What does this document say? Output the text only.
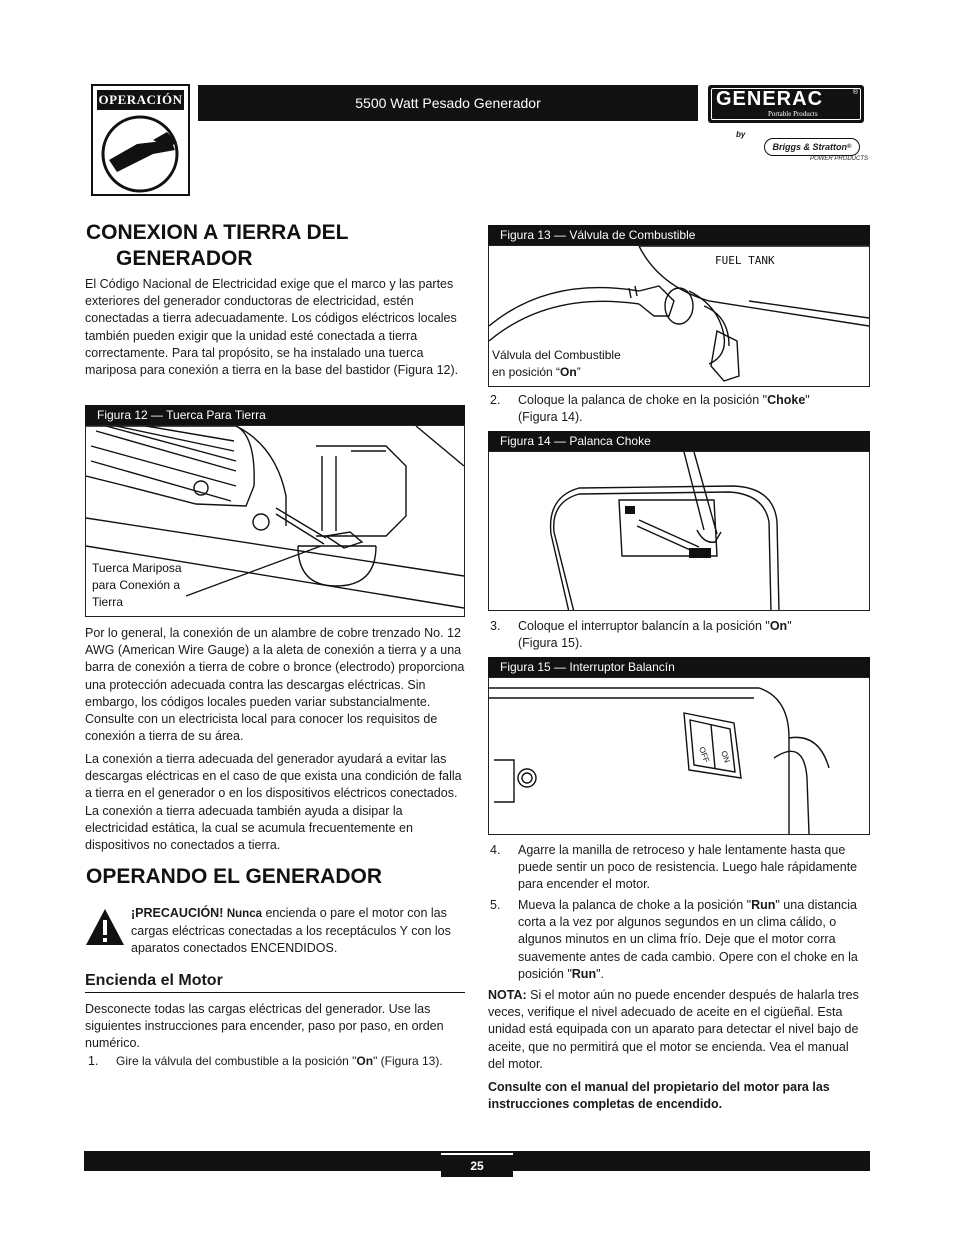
OPERACIÓN	5500 Watt Pesado Generador	GENERAC	®
Portable Products
by
Briggs & Stratton ®
POWER PRODUCTS
CONEXION A TIERRA DEL
GENERADOR
El Código Nacional de Electricidad exige que el marco y las partes exteriores del generador conductoras de electricidad, estén conectadas a tierra adecuadamente. Los códigos eléctricos locales también pueden exigir que la unidad esté conectada a tierra correctamente. Para tal propósito, se ha instalado una tuerca mariposa para conexión a tierra en la base del bastidor (Figura 12).
Figura 12 — Tuerca Para Tierra
Tuerca Mariposa
para Conexión a
Tierra
Por lo general, la conexión de un alambre de cobre trenzado No. 12 AWG (American Wire Gauge) a la aleta de conexión a tierra y a una barra de conexión a tierra de cobre o bronce (electrodo) proporciona una protección adecuada contra las descargas eléctricas. Sin embargo, los códigos locales pueden variar substancialmente. Consulte con un electricista local para conocer los requisitos de conexión a tierra de su área.
La conexión a tierra adecuada del generador ayudará a evitar las descargas eléctricas en el caso de que exista una condición de falla a tierra en el generador o en los dispositivos eléctricos conectados. La conexión a tierra adecuada también ayuda a disipar la electricidad estática, la cual se acumula frecuentemente en dispositivos no conectados a tierra.
OPERANDO EL GENERADOR
¡PRECAUCIÓN! Nunca encienda o pare el motor con las cargas eléctricas conectadas a los receptáculos Y con los aparatos conectados ENCENDIDOS.
Encienda el Motor
Desconecte todas las cargas eléctricas del generador. Use las siguientes instrucciones para encender, paso por paso, en orden numérico.
1. Gire la válvula del combustible a la posición "On" (Figura 13).
Figura 13 — Válvula de Combustible
FUEL TANK
Válvula del Combustible
en posición “On”
2. Coloque la palanca de choke en la posición "Choke"
(Figura 14).
Figura 14 — Palanca Choke
3. Coloque el interruptor balancín a la posición "On"
(Figura 15).
Figura 15 — Interruptor Balancín
OFF ON
4. Agarre la manilla de retroceso y hale lentamente hasta que puede sentir un poco de resistencia. Luego hale rápidamente para encender el motor.
5. Mueva la palanca de choke a la posición "Run" una distancia corta a la vez por algunos segundos en un clima cálido, o algunos minutos en un clima frío. Deje que el motor corra suavemente antes de cada cambio. Opere con el choke en la posición "Run".
NOTA: Si el motor aún no puede encender después de halarla tres veces, verifique el nivel adecuado de aceite en el cigüeñal. Esta unidad está equipada con un aparato para detectar el nivel bajo de aceite, que no permitirá que el motor se encienda. Vea el manual del motor.
Consulte con el manual del propietario del motor para las instrucciones completas de encendido.
25
